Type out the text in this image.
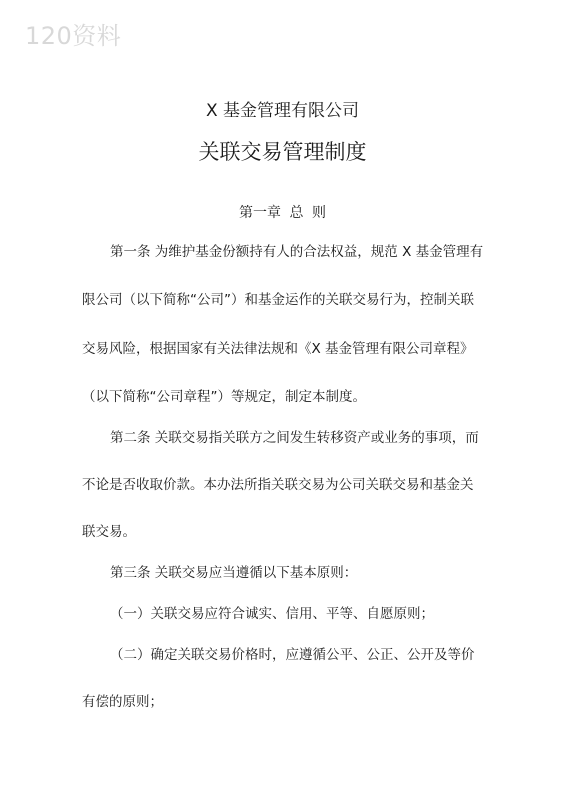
120资料
X 基金管理有限公司
关联交易管理制度
第一章 总 则
第一条 为维护基金份额持有人的合法权益，规范 X 基金管理有
限公司（以下简称“公司”）和基金运作的关联交易行为，控制关联
交易风险，根据国家有关法律法规和《X 基金管理有限公司章程》
（以下简称“公司章程”）等规定，制定本制度。
第二条 关联交易指关联方之间发生转移资产或业务的事项，而
不论是否收取价款。本办法所指关联交易为公司关联交易和基金关
联交易。
第三条 关联交易应当遵循以下基本原则：
（一）关联交易应符合诚实、信用、平等、自愿原则；
（二）确定关联交易价格时，应遵循公平、公正、公开及等价
有偿的原则；
